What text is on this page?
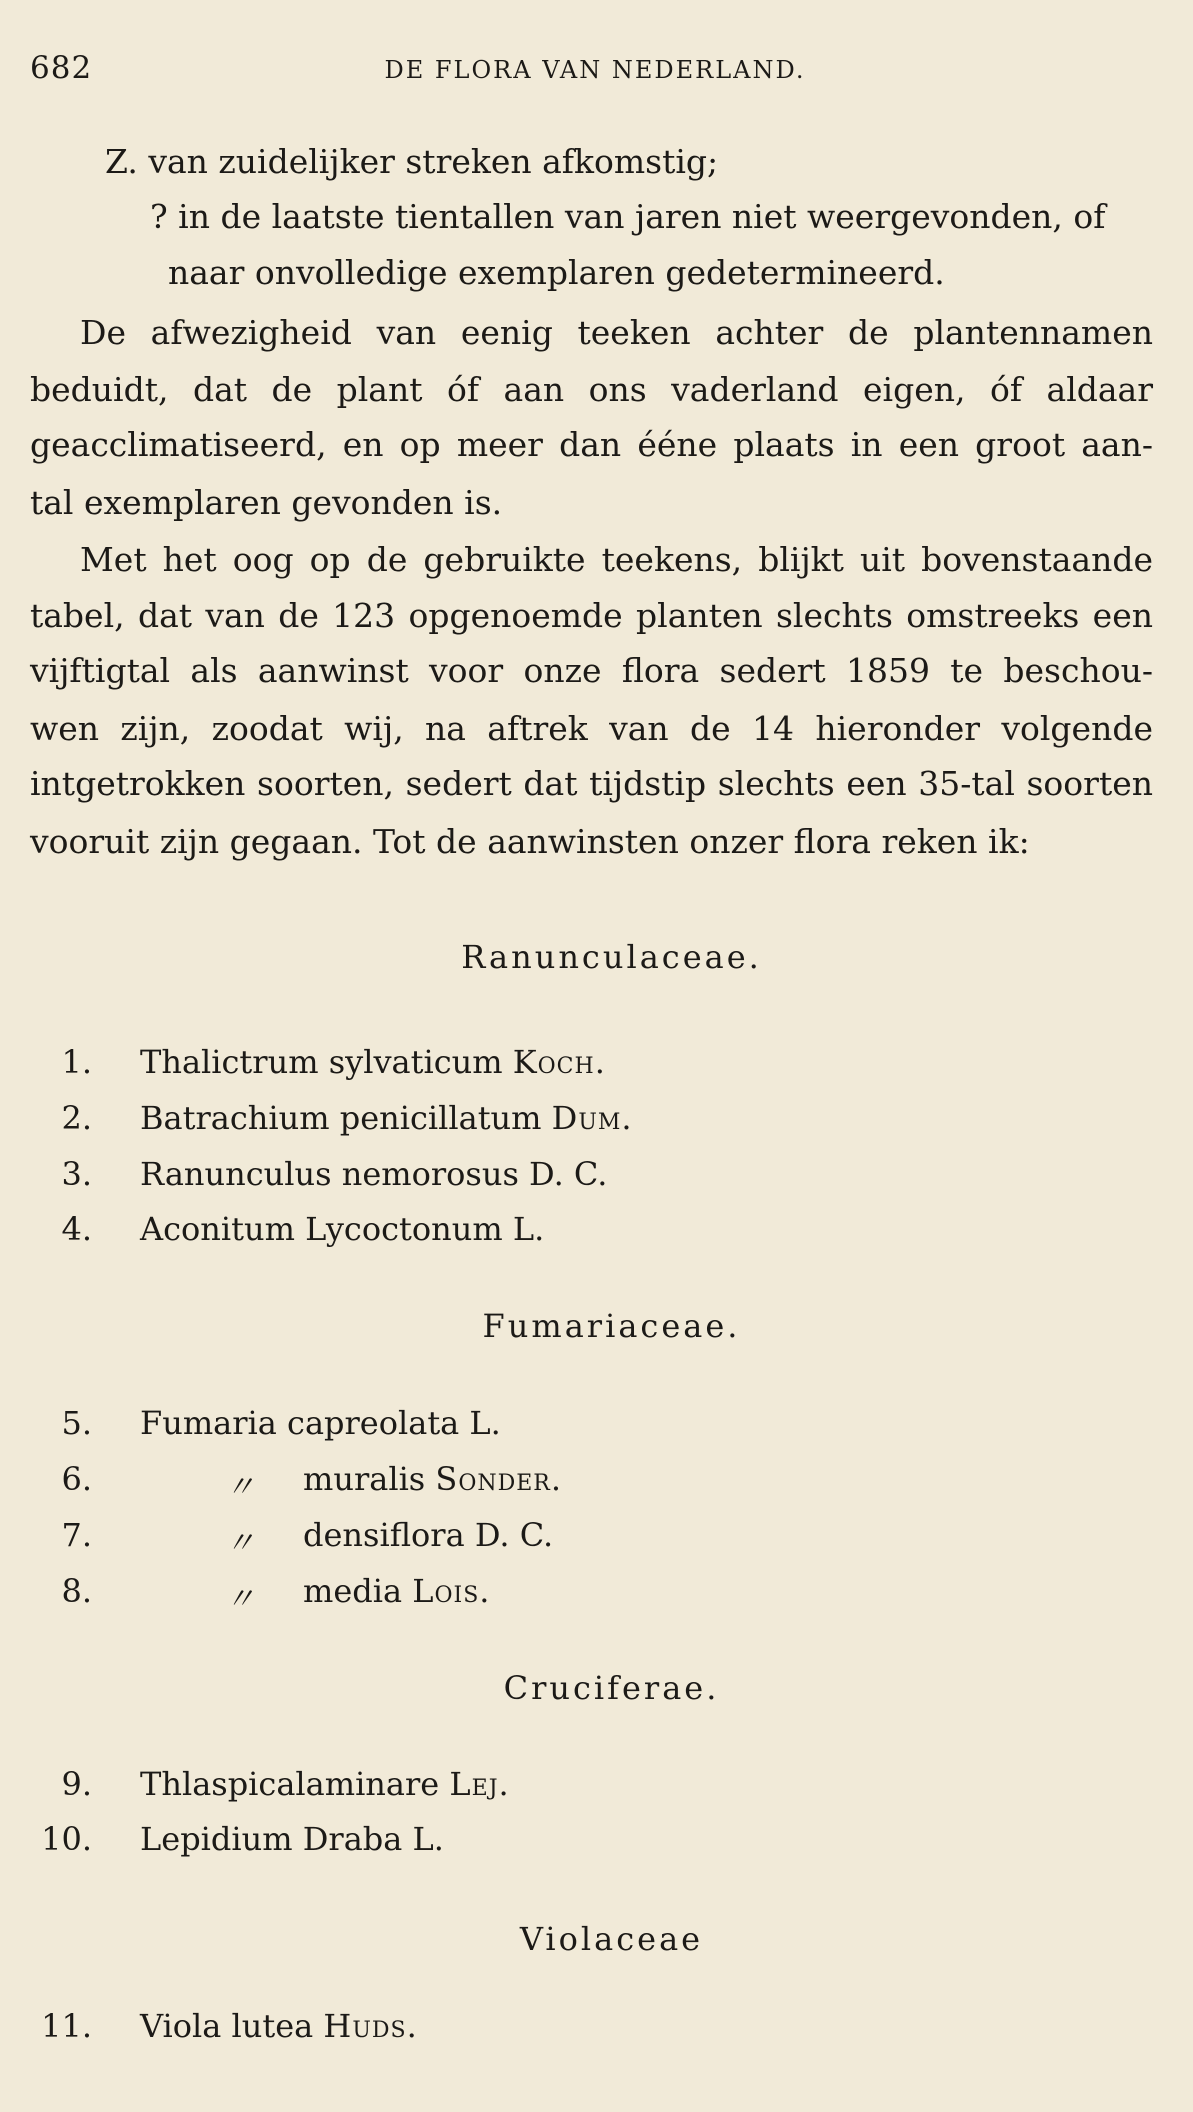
682	DE FLORA VAN NEDERLAND.
Z. van zuidelijker streken afkomstig;
? in de laatste tientallen van jaren niet weergevonden, of
naar onvolledige exemplaren gedetermineerd.
De afwezigheid van eenig teeken achter de plantennamen
beduidt, dat de plant óf aan ons vaderland eigen, óf aldaar
geacclimatiseerd, en op meer dan éénе plaats in een groot aan-
tal exemplaren gevonden is.
Met het oog op de gebruikte teekens, blijkt uit bovenstaande
tabel, dat van de 123 opgenoemde planten slechts omstreeks een
vijftigtal als aanwinst voor onze flora sedert 1859 te beschou-
wen zijn, zoodat wij, na aftrek van de 14 hieronder volgende
intgetrokken soorten, sedert dat tijdstip slechts een 35-tal soorten
vooruit zijn gegaan. Tot de aanwinsten onzer flora reken ik:
Ranunculaceae.
1. Thalictrum sylvaticum Koch.
2. Batrachium penicillatum Dum.
3. Ranunculus nemorosus D. C.
4. Aconitum Lycoctonum L.
Fumariaceae.
5. Fumaria capreolata L.
6.	〃 muralis Sonder.
7.	〃 densiflora D. C.
8.	〃 media Lois.
Cruciferae.
9. Thlaspicalaminare Lej.
10. Lepidium Draba L.
Violaceae
11. Viola lutea Huds.
